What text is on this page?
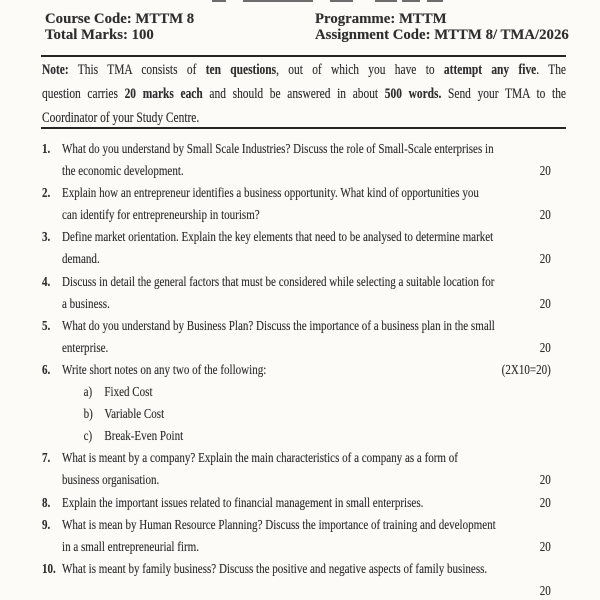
Course Code: MTTM 8
Total Marks: 100
Programme: MTTM
Assignment Code: MTTM 8/ TMA/2026
Note: This TMA consists of ten questions, out of which you have to attempt any five. The
question carries 20 marks each and should be answered in about 500 words. Send your TMA to the
Coordinator of your Study Centre.
1. What do you understand by Small Scale Industries? Discuss the role of Small-Scale enterprises in
the economic development.	20
2. Explain how an entrepreneur identifies a business opportunity. What kind of opportunities you
can identify for entrepreneurship in tourism?	20
3. Define market orientation. Explain the key elements that need to be analysed to determine market
demand.	20
4. Discuss in detail the general factors that must be considered while selecting a suitable location for
a business.	20
5. What do you understand by Business Plan? Discuss the importance of a business plan in the small
enterprise.	20
6. Write short notes on any two of the following:	(2X10=20)
a) Fixed Cost
b) Variable Cost
c) Break-Even Point
7. What is meant by a company? Explain the main characteristics of a company as a form of
business organisation.	20
8. Explain the important issues related to financial management in small enterprises.	20
9. What is mean by Human Resource Planning? Discuss the importance of training and development
in a small entrepreneurial firm.	20
10. What is meant by family business? Discuss the positive and negative aspects of family business.
20
